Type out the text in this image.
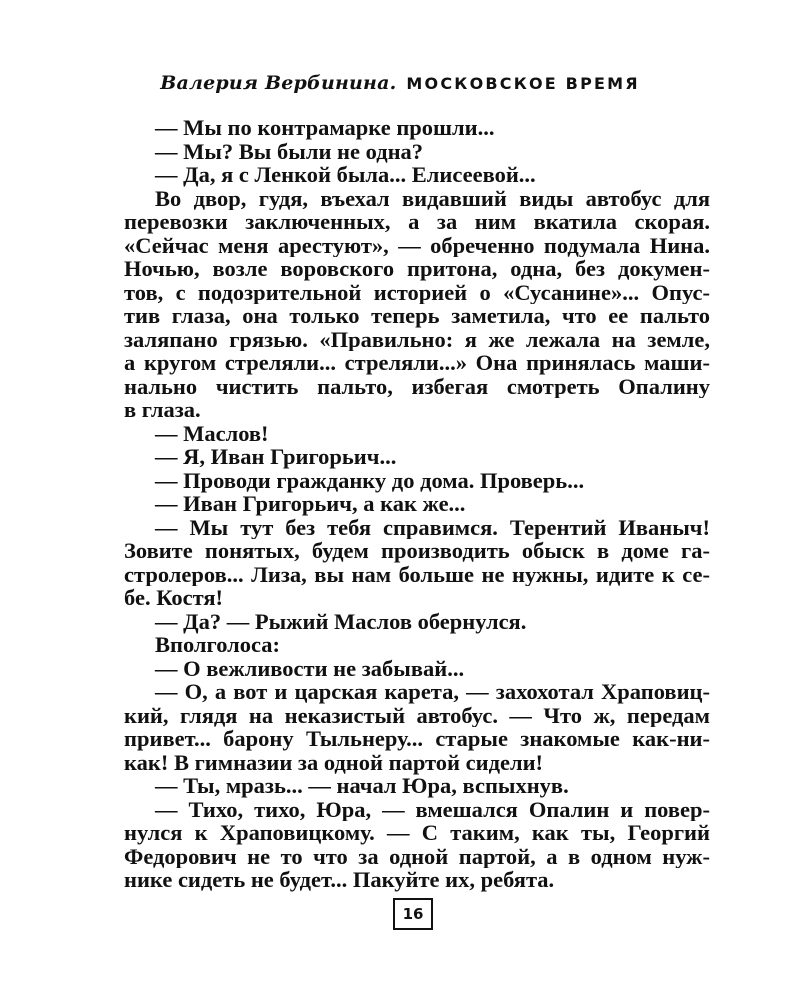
Валерия Вербинина. МОСКОВСКОЕ ВРЕМЯ
— Мы по контрамарке прошли...
— Мы? Вы были не одна?
— Да, я с Ленкой была... Елисеевой...
Во двор, гудя, въехал видавший виды автобус для
перевозки заключенных, а за ним вкатила скорая.
«Сейчас меня арестуют», — обреченно подумала Нина.
Ночью, возле воровского притона, одна, без докумен-
тов, с подозрительной историей о «Сусанине»... Опус-
тив глаза, она только теперь заметила, что ее пальто
заляпано грязью. «Правильно: я же лежала на земле,
а кругом стреляли... стреляли...» Она принялась маши-
нально чистить пальто, избегая смотреть Опалину
в глаза.
— Маслов!
— Я, Иван Григорьич...
— Проводи гражданку до дома. Проверь...
— Иван Григорьич, а как же...
— Мы тут без тебя справимся. Терентий Иваныч!
Зовите понятых, будем производить обыск в доме га-
стролеров... Лиза, вы нам больше не нужны, идите к се-
бе. Костя!
— Да? — Рыжий Маслов обернулся.
Вполголоса:
— О вежливости не забывай...
— О, а вот и царская карета, — захохотал Храповиц-
кий, глядя на неказистый автобус. — Что ж, передам
привет... барону Тыльнеру... старые знакомые как-ни-
как! В гимназии за одной партой сидели!
— Ты, мразь... — начал Юра, вспыхнув.
— Тихо, тихо, Юра, — вмешался Опалин и повер-
нулся к Храповицкому. — С таким, как ты, Георгий
Федорович не то что за одной партой, а в одном нуж-
нике сидеть не будет... Пакуйте их, ребята.
16
